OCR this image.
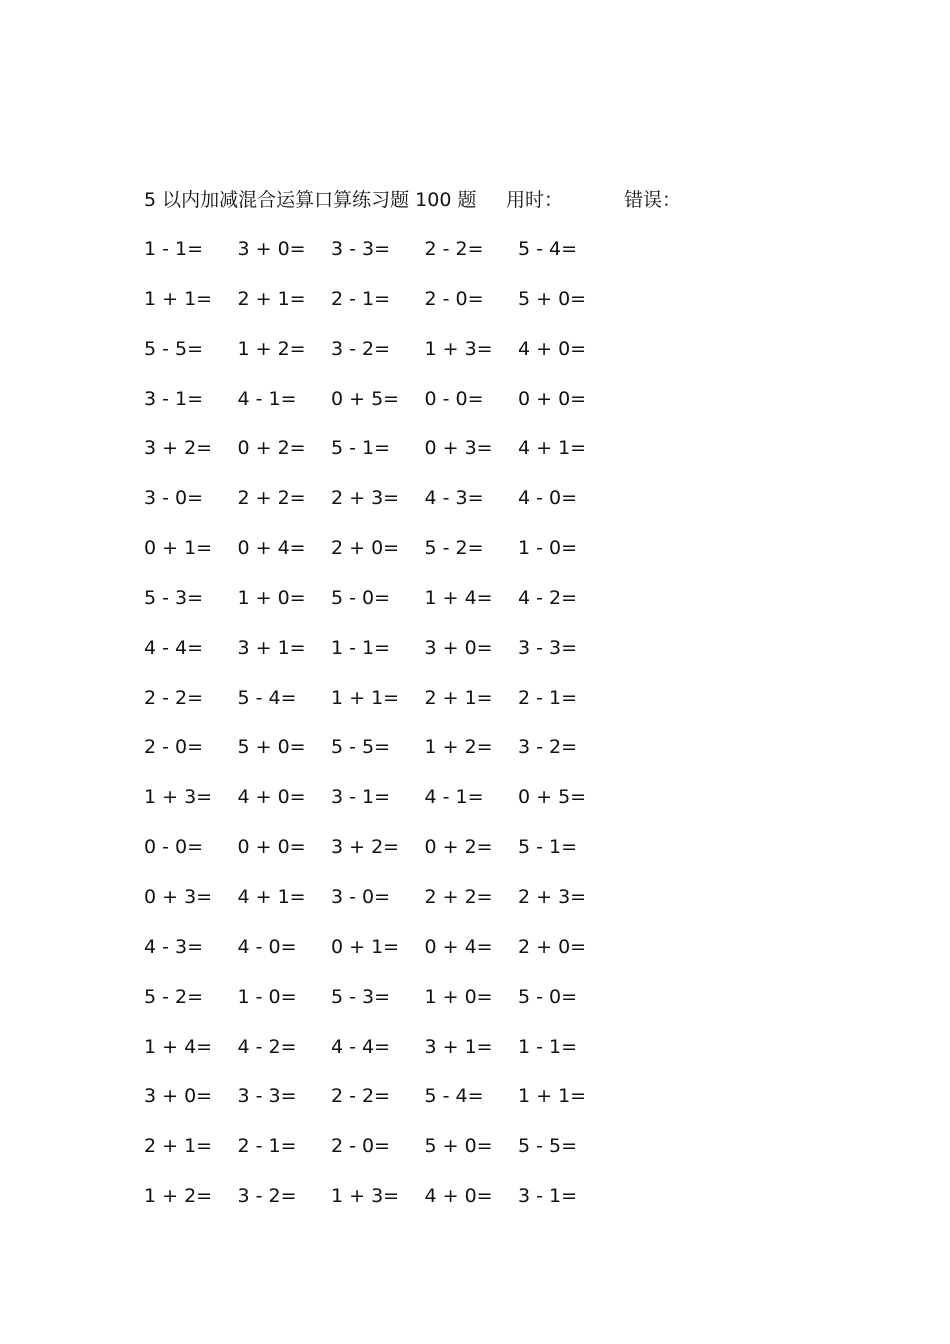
5 以内加减混合运算口算练习题 100 题 用时：	错误：
1 - 1= 3 + 0= 3 - 3= 2 - 2= 5 - 4=
1 + 1= 2 + 1= 2 - 1= 2 - 0= 5 + 0=
5 - 5= 1 + 2= 3 - 2= 1 + 3= 4 + 0=
3 - 1= 4 - 1= 0 + 5= 0 - 0= 0 + 0=
3 + 2= 0 + 2= 5 - 1= 0 + 3= 4 + 1=
3 - 0= 2 + 2= 2 + 3= 4 - 3= 4 - 0=
0 + 1= 0 + 4= 2 + 0= 5 - 2= 1 - 0=
5 - 3= 1 + 0= 5 - 0= 1 + 4= 4 - 2=
4 - 4= 3 + 1= 1 - 1= 3 + 0= 3 - 3=
2 - 2= 5 - 4= 1 + 1= 2 + 1= 2 - 1=
2 - 0= 5 + 0= 5 - 5= 1 + 2= 3 - 2=
1 + 3= 4 + 0= 3 - 1= 4 - 1= 0 + 5=
0 - 0= 0 + 0= 3 + 2= 0 + 2= 5 - 1=
0 + 3= 4 + 1= 3 - 0= 2 + 2= 2 + 3=
4 - 3= 4 - 0= 0 + 1= 0 + 4= 2 + 0=
5 - 2= 1 - 0= 5 - 3= 1 + 0= 5 - 0=
1 + 4= 4 - 2= 4 - 4= 3 + 1= 1 - 1=
3 + 0= 3 - 3= 2 - 2= 5 - 4= 1 + 1=
2 + 1= 2 - 1= 2 - 0= 5 + 0= 5 - 5=
1 + 2= 3 - 2= 1 + 3= 4 + 0= 3 - 1=
